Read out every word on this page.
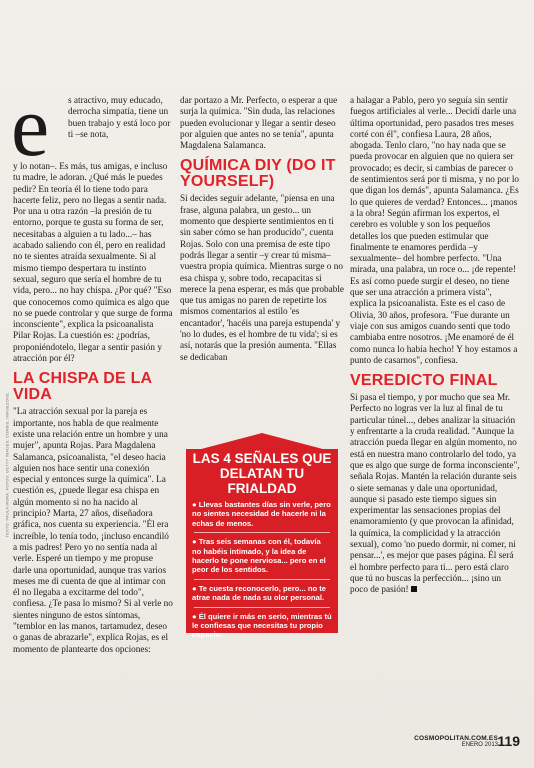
TEXTO: PAULA MORA. FOTOS: GETTY IMAGES, CORBIS, IMAGEZONE.
e s atractivo, muy educado, derrocha simpatía, tiene un buen trabajo y está loco por ti –se nota,

y lo notan–. Es más, tus amigas, e incluso tu madre, le adoran. ¿Qué más le puedes pedir? En teoría él lo tiene todo para hacerte feliz, pero no llegas a sentir nada. Por una u otra razón –la presión de tu entorno, porque te gusta su forma de ser, necesitabas a alguien a tu lado...– has acabado saliendo con él, pero en realidad no te sientes atraída sexualmente. Si al mismo tiempo despertara tu instinto sexual, seguro que sería el hombre de tu vida, pero... no hay chispa. ¿Por qué? "Eso que conocemos como química es algo que no se puede controlar y que surge de forma inconsciente", explica la psicoanalista Pilar Rojas. La cuestión es: ¿podrías, proponiéndotelo, llegar a sentir pasión y atracción por él?

LA CHISPA DE LA VIDA

"La atracción sexual por la pareja es importante, nos habla de que realmente existe una relación entre un hombre y una mujer", apunta Rojas. Para Magdalena Salamanca, psicoanalista, "el deseo hacia alguien nos hace sentir una conexión especial y entonces surge la química". La cuestión es, ¿puede llegar esa chispa en algún momento si no ha nacido al principio? Marta, 27 años, diseñadora gráfica, nos cuenta su experiencia. "Él era increíble, lo tenía todo, ¡incluso encandiló a mis padres! Pero yo no sentía nada al verle. Esperé un tiempo y me propuse darle una oportunidad, aunque tras varios meses me di cuenta de que al intimar con él no llegaba a excitarme del todo", confiesa. ¿Te pasa lo mismo? Si al verle no sientes ninguno de estos síntomas, "temblor en las manos, tartamudez, deseo o ganas de abrazarle", explica Rojas, es el momento de plantearte dos opciones:

dar portazo a Mr. Perfecto, o esperar a que surja la química. "Sin duda, las relaciones pueden evolucionar y llegar a sentir deseo por alguien que antes no se tenía", apunta Magdalena Salamanca.

QUÍMICA DIY (DO IT YOURSELF)

Si decides seguir adelante, "piensa en una frase, alguna palabra, un gesto... un momento que despierte sentimientos en ti sin saber cómo se han producido", cuenta Rojas. Solo con una premisa de este tipo podrás llegar a sentir –y crear tú misma– vuestra propia química. Mientras surge o no esa chispa y, sobre todo, recapacitas si merece la pena esperar, es más que probable que tus amigas no paren de repetirte los mismos comentarios al estilo 'es encantador', 'hacéis una pareja estupenda' y 'no lo dudes, es el hombre de tu vida'; si es así, notarás que la presión aumenta. "Ellas se dedicaban

LAS 4 SEÑALES QUE DELATAN TU FRIALDAD
● Llevas bastantes días sin verle, pero no sientes necesidad de hacerle ni la echas de menos.
● Tras seis semanas con él, todavía no habéis intimado, y la idea de hacerlo te pone nerviosa... pero en el peor de los sentidos.
● Te cuesta reconocerlo, pero... no te atrae nada de nada su olor personal.
● Él quiere ir más en serio, mientras tú le confiesas que necesitas tu propio espacio.

a halagar a Pablo, pero yo seguía sin sentir fuegos artificiales al verle... Decidí darle una última oportunidad, pero pasados tres meses corté con él", confiesa Laura, 28 años, abogada. Tenlo claro, "no hay nada que se pueda provocar en alguien que no quiera ser provocado; es decir, si cambias de parecer o de sentimientos será por ti misma, y no por lo que digan los demás", apunta Salamanca. ¿Es lo que quieres de verdad? Entonces... ¡manos a la obra! Según afirman los expertos, el cerebro es voluble y son los pequeños detalles los que pueden estimular que finalmente te enamores perdida –y sexualmente– del hombre perfecto. "Una mirada, una palabra, un roce o... ¡de repente! Es así como puede surgir el deseo, no tiene que ser una atracción a primera vista", explica la psicoanalista. Este es el caso de Olivia, 30 años, profesora. "Fue durante un viaje con sus amigos cuando sentí que todo cambiaba entre nosotros. ¡Me enamoré de él como nunca lo había hecho! Y hoy estamos a punto de casarnos", confiesa.

VEREDICTO FINAL

Si pasa el tiempo, y por mucho que sea Mr. Perfecto no logras ver la luz al final de tu particular túnel..., debes analizar la situación y enfrentarte a la cruda realidad. "Aunque la atracción pueda llegar en algún momento, no está en nuestra mano controlarlo del todo, ya que es algo que surge de forma inconsciente", señala Rojas. Mantén la relación durante seis o siete semanas y dale una oportunidad, aunque si pasado este tiempo sigues sin experimentar las sensaciones propias del enamoramiento (y que provocan la afinidad, la química, la complicidad y la atracción sexual), como 'no puedo dormir, ni comer, ni pensar...', es mejor que pases página. Él será el hombre perfecto para ti... pero está claro que tú no buscas la perfección... ¡sino un poco de pasión!

COSMOPOLITAN.COM.ES
ENERO 2013 119
